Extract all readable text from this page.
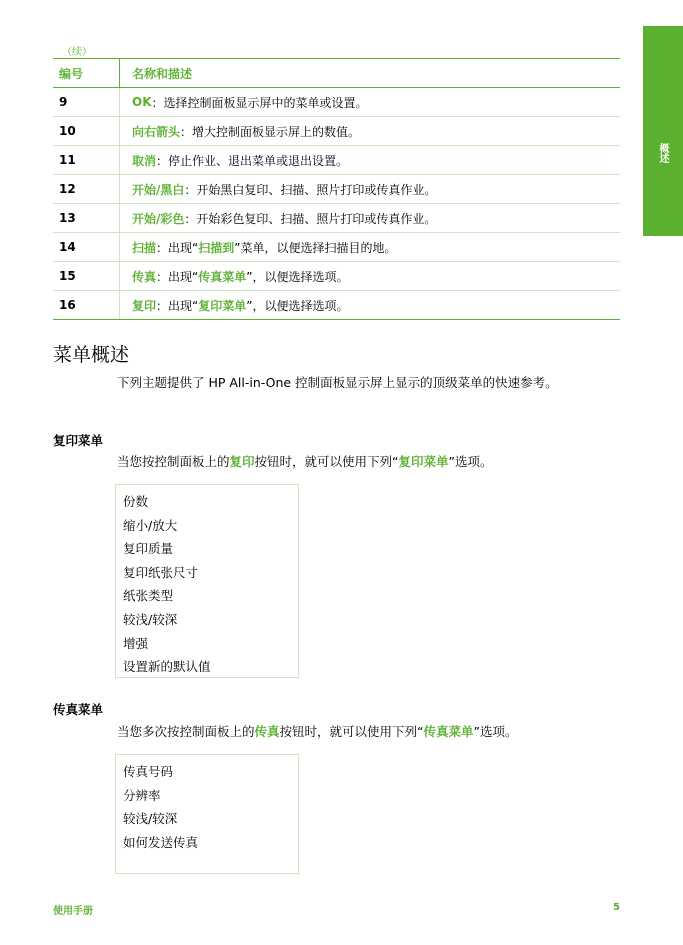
概述
（续）
编号	名称和描述
9	OK ：选择控制面板显示屏中的菜单或设置。
10	向右箭头 ：增大控制面板显示屏上的数值。
11	取消 ：停止作业、退出菜单或退出设置。
12	开始/黑白 ：开始黑白复印、扫描、照片打印或传真作业。
13	开始/彩色 ：开始彩色复印、扫描、照片打印或传真作业。
14	扫描 ：出现“ 扫描到 ”菜单，以便选择扫描目的地。
15	传真 ：出现“ 传真菜单 ”，以便选择选项。
16	复印 ：出现“ 复印菜单 ”，以便选择选项。
菜单概述
下列主题提供了 HP All-in-One 控制面板显示屏上显示的顶级菜单的快速参考。
复印菜单
当您按控制面板上的复印按钮时，就可以使用下列“复印菜单”选项。
份数
缩小/放大
复印质量
复印纸张尺寸
纸张类型
较浅/较深
增强
设置新的默认值
传真菜单
当您多次按控制面板上的传真按钮时，就可以使用下列“传真菜单”选项。
传真号码
分辨率
较浅/较深
如何发送传真
使用手册	5
